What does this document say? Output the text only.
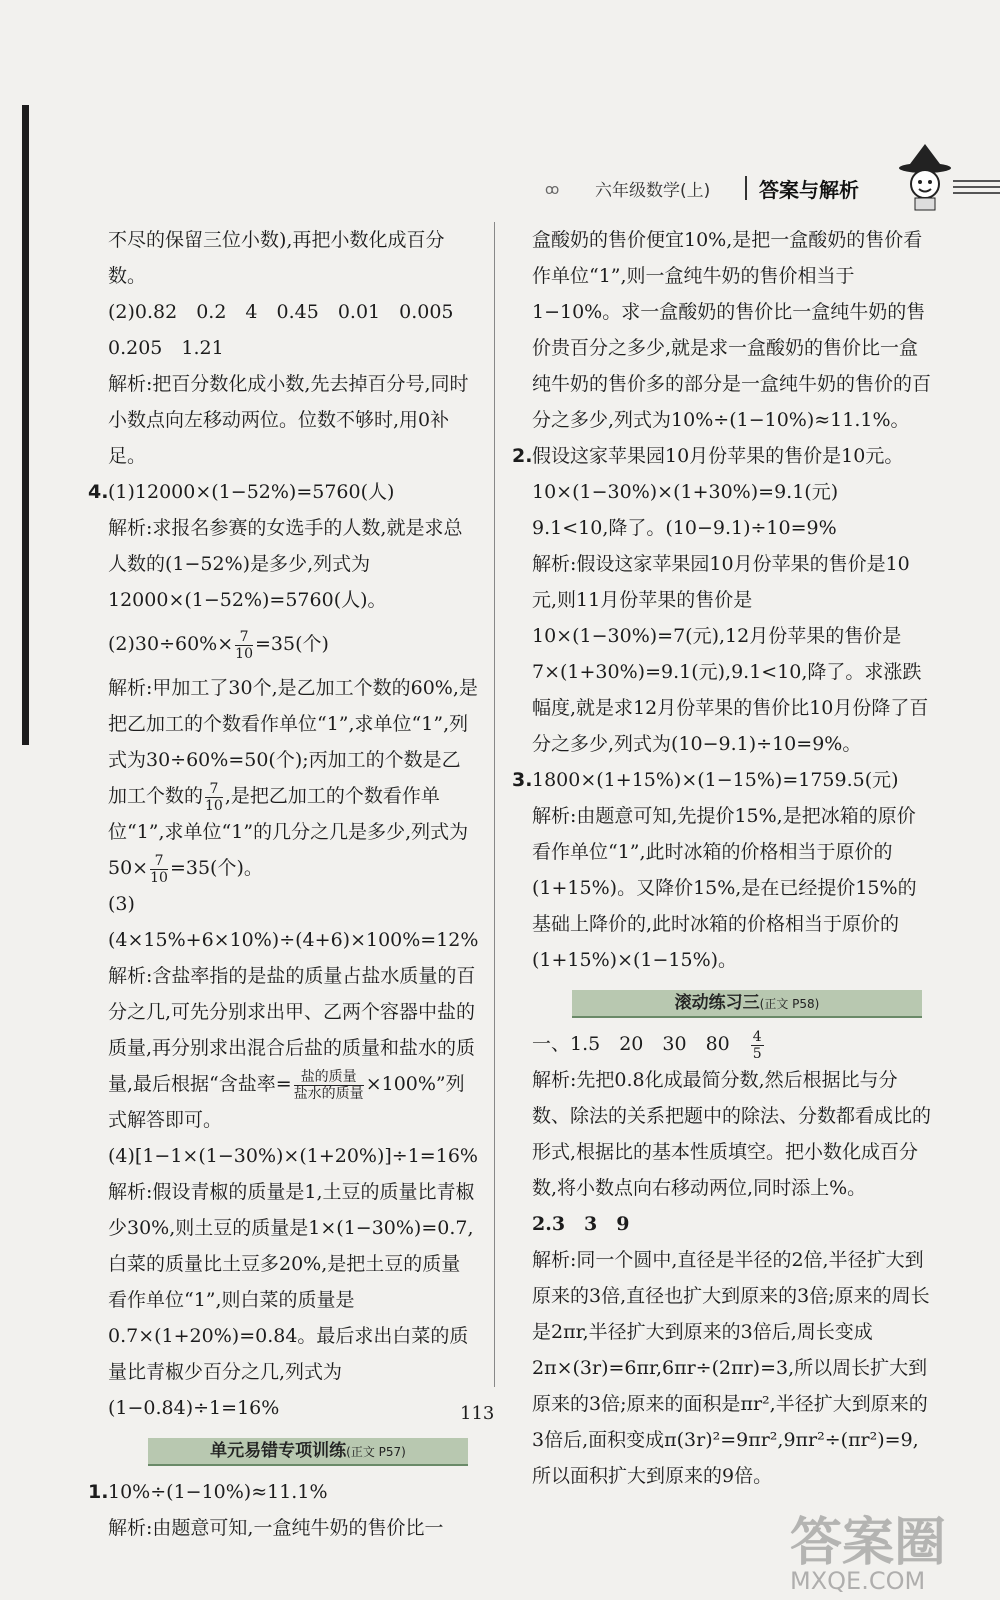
ꝏ 六年级数学(上) 答案与解析

不尽的保留三位小数),再把小数化成百分数。

(2)0.82　0.2　4　0.45　0.01　0.005　0.205　1.21

解析:把百分数化成小数,先去掉百分号,同时小数点向左移动两位。位数不够时,用0补足。

4.(1)12000×(1−52%)=5760(人)

解析:求报名参赛的女选手的人数,就是求总人数的(1−52%)是多少,列式为12000×(1−52%)=5760(人)。

$(2)30\div 60\%\times \frac{7}{10} =35$(个)

解析:甲加工了30个,是乙加工个数的60%,是把乙加工的个数看作单位“1”,求单位“1”,列式为30÷60%=50(个);丙加工的个数是乙加工个数的 $\frac{7}{10}$ ,是把乙加工的个数看作单位“1”,求单位“1”的几分之几是多少,列式为$50\times \frac{7}{10} =35$(个)。

(3)(4×15%+6×10%)÷(4+6)×100%=12%

解析:含盐率指的是盐的质量占盐水质量的百分之几,可先分别求出甲、乙两个容器中盐的质量,再分别求出混合后盐的质量和盐水的质量,最后根据“含盐率= $\frac{\text{盐的质量}}{\text{盐水的质量}} \times 100\%$”列式解答即可。

(4)[1−1×(1−30%)×(1+20%)]÷1=16%

解析:假设青椒的质量是1,土豆的质量比青椒少30%,则土豆的质量是1×(1−30%)=0.7,白菜的质量比土豆多20%,是把土豆的质量看作单位“1”,则白菜的质量是0.7×(1+20%)=0.84。最后求出白菜的质量比青椒少百分之几,列式为(1−0.84)÷1=16%

单元易错专项训练(正文 P57)

1.10%÷(1−10%)≈11.1%

解析:由题意可知,一盒纯牛奶的售价比一

盒酸奶的售价便宜10%,是把一盒酸奶的售价看作单位“1”,则一盒纯牛奶的售价相当于1−10%。求一盒酸奶的售价比一盒纯牛奶的售价贵百分之多少,就是求一盒酸奶的售价比一盒纯牛奶的售价多的部分是一盒纯牛奶的售价的百分之多少,列式为10%÷(1−10%)≈11.1%。

2.假设这家苹果园10月份苹果的售价是10元。

10×(1−30%)×(1+30%)=9.1(元)

9.1<10,降了。(10−9.1)÷10=9%

解析:假设这家苹果园10月份苹果的售价是10元,则11月份苹果的售价是10×(1−30%)=7(元),12月份苹果的售价是7×(1+30%)=9.1(元),9.1<10,降了。求涨跌幅度,就是求12月份苹果的售价比10月份降了百分之多少,列式为(10−9.1)÷10=9%。

3.1800×(1+15%)×(1−15%)=1759.5(元)

解析:由题意可知,先提价15%,是把冰箱的原价看作单位“1”,此时冰箱的价格相当于原价的(1+15%)。又降价15%,是在已经提价15%的基础上降价的,此时冰箱的价格相当于原价的(1+15%)×(1−15%)。

滚动练习三(正文 P58)

一、1.5　20　30　80　 $\frac{4}{5}$

解析:先把0.8化成最简分数,然后根据比与分数、除法的关系把题中的除法、分数都看成比的形式,根据比的基本性质填空。把小数化成百分数,将小数点向右移动两位,同时添上%。

2.3　3　9

解析:同一个圆中,直径是半径的2倍,半径扩大到原来的3倍,直径也扩大到原来的3倍;原来的周长是2πr,半径扩大到原来的3倍后,周长变成2π×(3r)=6πr,6πr÷(2πr)=3,所以周长扩大到原来的3倍;原来的面积是πr²,半径扩大到原来的3倍后,面积变成π(3r)²=9πr²,9πr²÷(πr²)=9,所以面积扩大到原来的9倍。

113
答案圈
MXQE.COM
